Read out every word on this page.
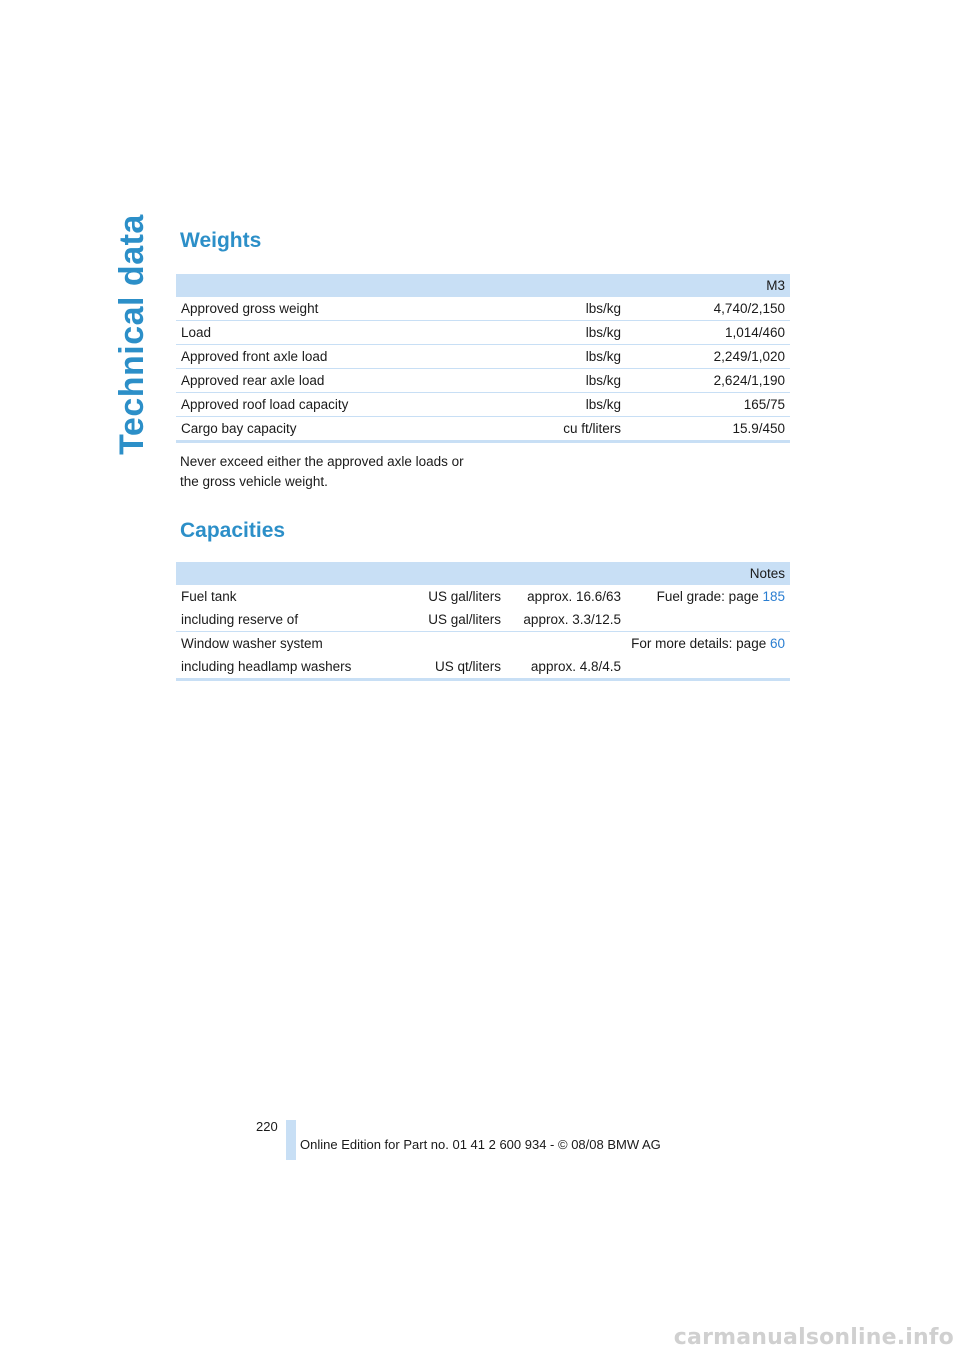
Technical data Weights
		M3
Approved gross weight	lbs/kg	4,740/2,150
Load	lbs/kg	1,014/460
Approved front axle load	lbs/kg	2,249/1,020
Approved rear axle load	lbs/kg	2,624/1,190
Approved roof load capacity	lbs/kg	165/75
Cargo bay capacity	cu ft/liters	15.9/450
Never exceed either the approved axle loads or
the gross vehicle weight.
Capacities
			Notes
Fuel tank	US gal/liters	approx. 16.6/63	Fuel grade: page 185
including reserve of	US gal/liters	approx. 3.3/12.5	
Window washer system			For more details: page 60
including headlamp washers	US qt/liters	approx. 4.8/4.5	
220
Online Edition for Part no. 01 41 2 600 934 - © 08/08 BMW AG
carmanualsonline.info
